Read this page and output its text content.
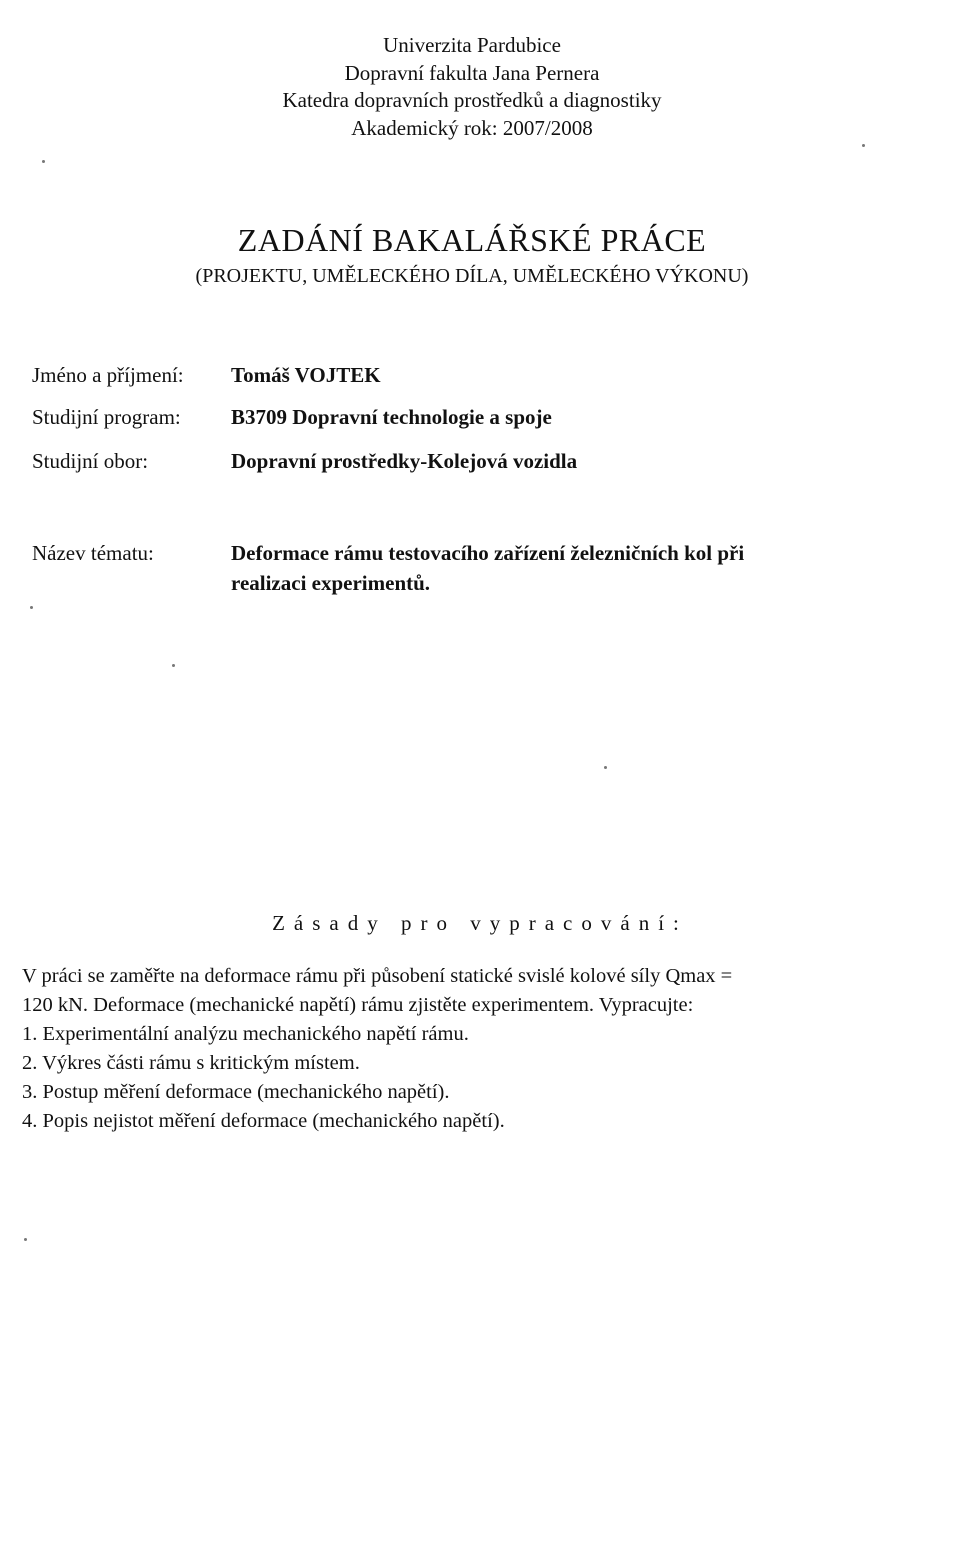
Univerzita Pardubice
Dopravní fakulta Jana Pernera
Katedra dopravních prostředků a diagnostiky
Akademický rok: 2007/2008
ZADÁNÍ BAKALÁŘSKÉ PRÁCE
(PROJEKTU, UMĚLECKÉHO DÍLA, UMĚLECKÉHO VÝKONU)
Jméno a příjmení:	Tomáš VOJTEK
Studijní program:	B3709 Dopravní technologie a spoje
Studijní obor:	Dopravní prostředky-Kolejová vozidla
Název tématu:	Deformace rámu testovacího zařízení železničních kol při
realizaci experimentů.
Zásady pro vypracování:
V práci se zaměřte na deformace rámu při působení statické svislé kolové síly Qmax =
120 kN. Deformace (mechanické napětí) rámu zjistěte experimentem. Vypracujte:
1. Experimentální analýzu mechanického napětí rámu.
2. Výkres části rámu s kritickým místem.
3. Postup měření deformace (mechanického napětí).
4. Popis nejistot měření deformace (mechanického napětí).
